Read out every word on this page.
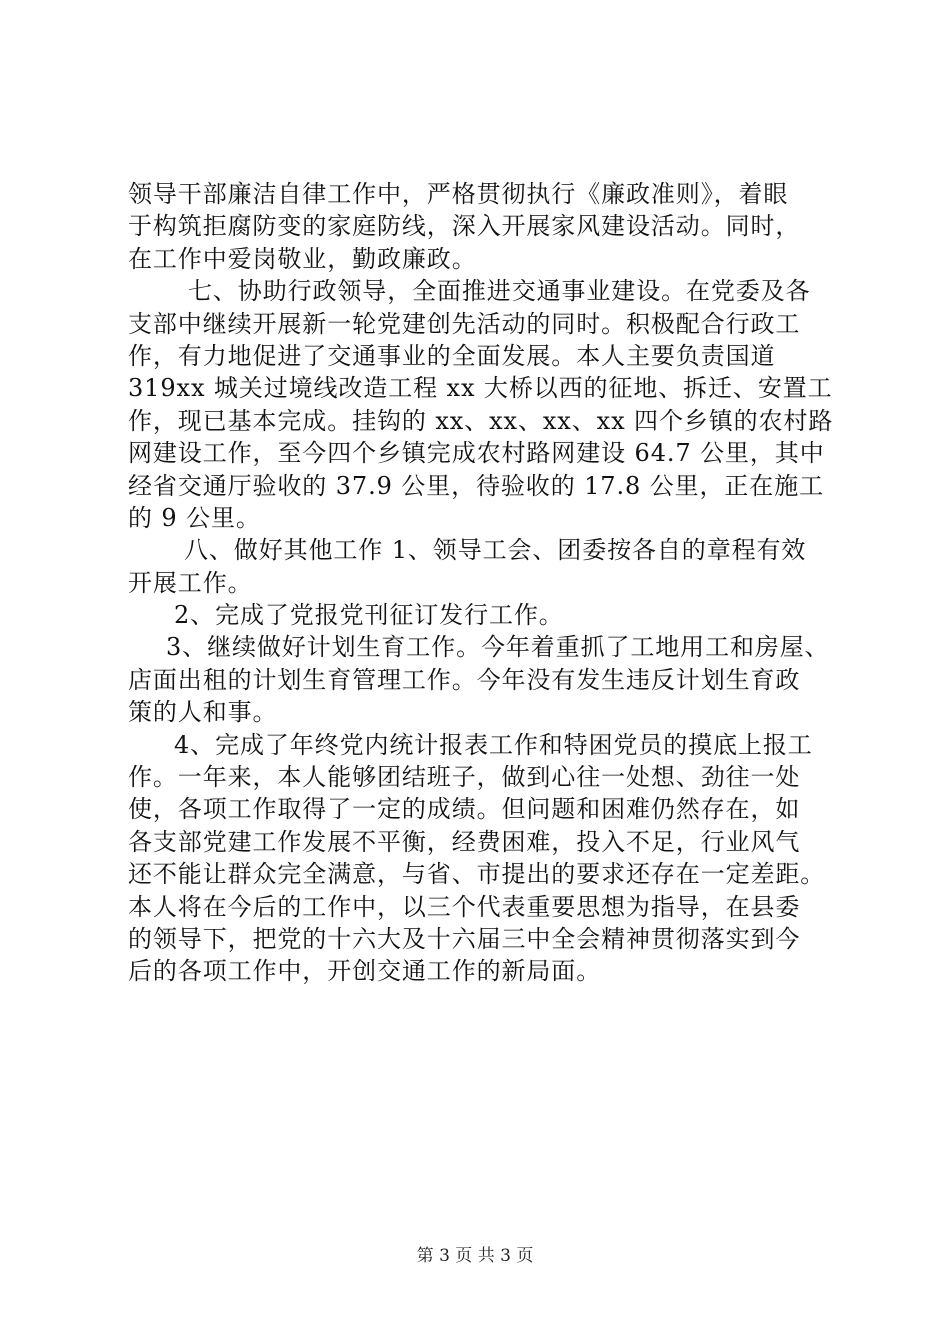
领导干部廉洁自律工作中，严格贯彻执行《廉政准则》，着眼
于构筑拒腐防变的家庭防线，深入开展家风建设活动。同时，
在工作中爱岗敬业，勤政廉政。
七、协助行政领导，全面推进交通事业建设。在党委及各
支部中继续开展新一轮党建创先活动的同时。积极配合行政工
作，有力地促进了交通事业的全面发展。本人主要负责国道
319xx 城关过境线改造工程 xx 大桥以西的征地、拆迁、安置工
作，现已基本完成。挂钩的 xx、xx、xx、xx 四个乡镇的农村路
网建设工作，至今四个乡镇完成农村路网建设 64.7 公里，其中
经省交通厅验收的 37.9 公里，待验收的 17.8 公里，正在施工
的 9 公里。
八、做好其他工作 1、领导工会、团委按各自的章程有效
开展工作。
2、完成了党报党刊征订发行工作。
3、继续做好计划生育工作。今年着重抓了工地用工和房屋、
店面出租的计划生育管理工作。今年没有发生违反计划生育政
策的人和事。
4、完成了年终党内统计报表工作和特困党员的摸底上报工
作。一年来，本人能够团结班子，做到心往一处想、劲往一处
使，各项工作取得了一定的成绩。但问题和困难仍然存在，如
各支部党建工作发展不平衡，经费困难，投入不足，行业风气
还不能让群众完全满意，与省、市提出的要求还存在一定差距。
本人将在今后的工作中，以三个代表重要思想为指导，在县委
的领导下，把党的十六大及十六届三中全会精神贯彻落实到今
后的各项工作中，开创交通工作的新局面。
第 3 页 共 3 页
